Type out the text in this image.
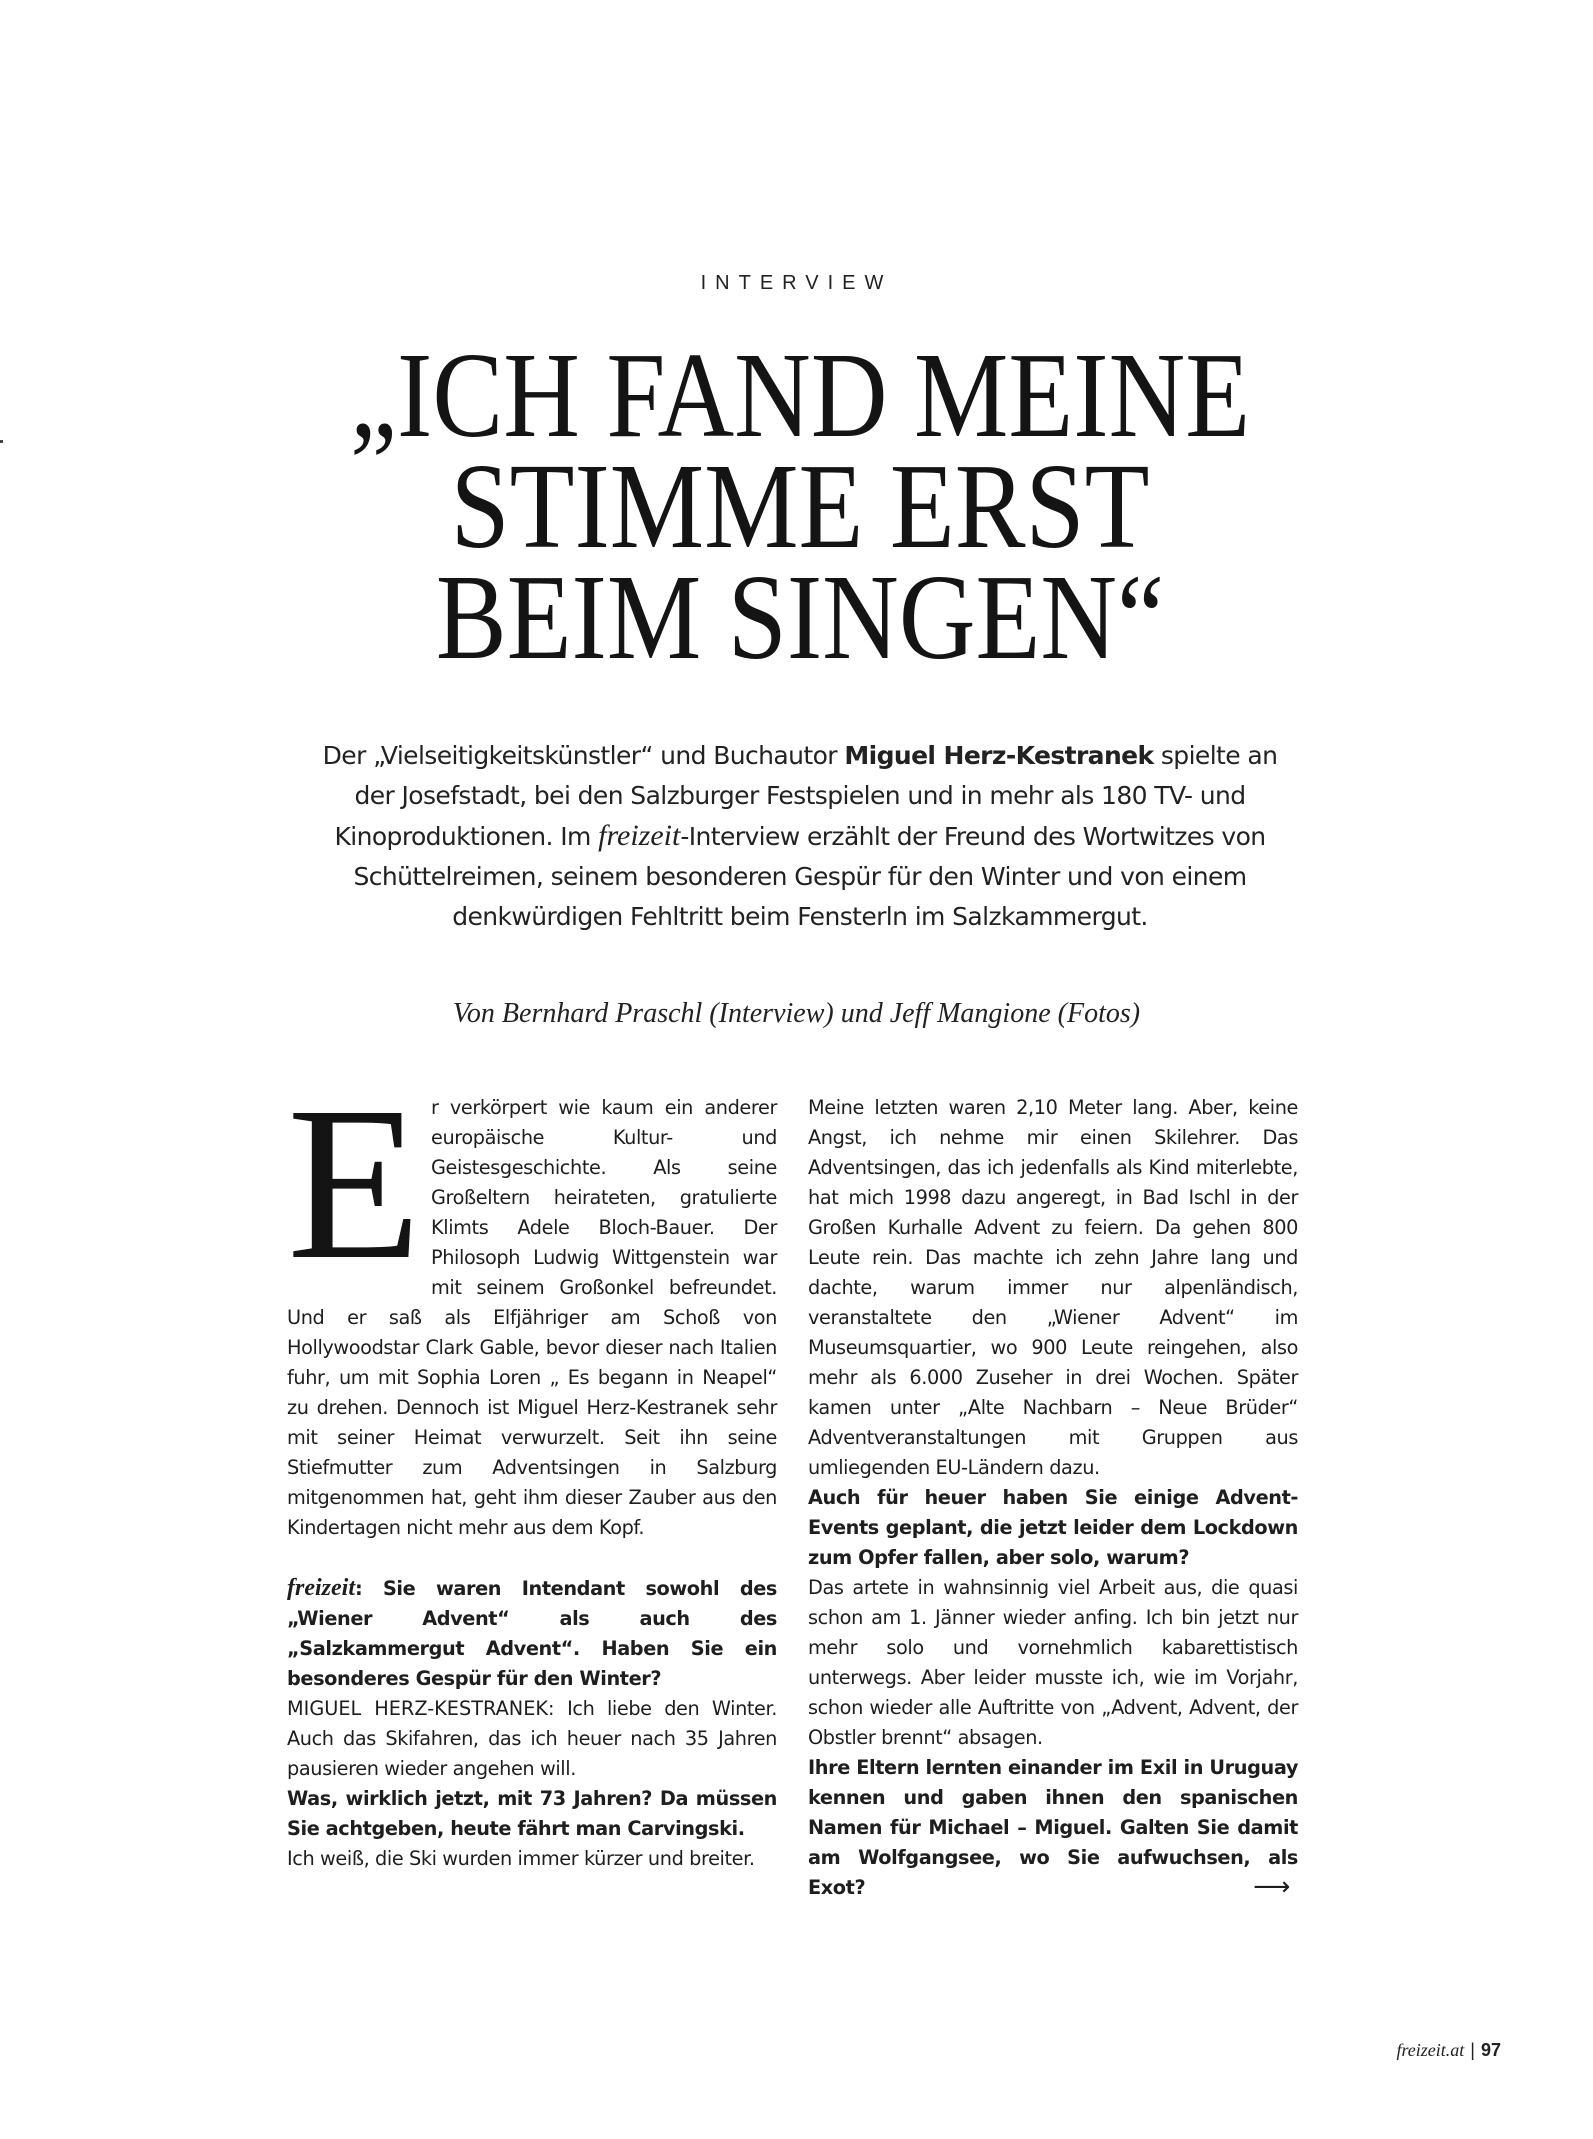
INTERVIEW
„ICH FAND MEINE
STIMME ERST
BEIM SINGEN“
Der „Vielseitigkeitskünstler“ und Buchautor Miguel Herz-Kestranek spielte an der Josefstadt, bei den Salzburger Festspielen und in mehr als 180 TV- und Kinoproduktionen. Im freizeit-Interview erzählt der Freund des Wortwitzes von Schüttelreimen, seinem besonderen Gespür für den Winter und von einem denkwürdigen Fehltritt beim Fensterln im Salzkammergut.
Von Bernhard Praschl (Interview) und Jeff Mangione (Fotos)

Er verkörpert wie kaum ein anderer europäische Kultur- und Geistesgeschichte. Als seine Großeltern heirateten, gratulierte Klimts Adele Bloch-Bauer. Der Philosoph Ludwig Wittgenstein war mit seinem Großonkel befreundet. Und er saß als Elfjähriger am Schoß von Hollywoodstar Clark Gable, bevor dieser nach Italien fuhr, um mit Sophia Loren „ Es begann in Neapel“ zu drehen. Dennoch ist Miguel Herz-Kestranek sehr mit seiner Heimat verwurzelt. Seit ihn seine Stiefmutter zum Adventsingen in Salzburg mitgenommen hat, geht ihm dieser Zauber aus den Kindertagen nicht mehr aus dem Kopf.

freizeit: Sie waren Intendant sowohl des „Wiener Advent“ als auch des „Salzkammergut Advent“. Haben Sie ein besonderes Gespür für den Winter?

MIGUEL HERZ-KESTRANEK: Ich liebe den Winter. Auch das Skifahren, das ich heuer nach 35 Jahren pausieren wieder angehen will.

Was, wirklich jetzt, mit 73 Jahren? Da müssen Sie achtgeben, heute fährt man Carvingski.

Ich weiß, die Ski wurden immer kürzer und breiter.

Meine letzten waren 2,10 Meter lang. Aber, keine Angst, ich nehme mir einen Skilehrer. Das Adventsingen, das ich jedenfalls als Kind miterlebte, hat mich 1998 dazu angeregt, in Bad Ischl in der Großen Kurhalle Advent zu feiern. Da gehen 800 Leute rein. Das machte ich zehn Jahre lang und dachte, warum immer nur alpenländisch, veranstaltete den „Wiener Advent“ im Museumsquartier, wo 900 Leute reingehen, also mehr als 6.000 Zuseher in drei Wochen. Später kamen unter „Alte Nachbarn – Neue Brüder“ Adventveranstaltungen mit Gruppen aus umliegenden EU-Ländern dazu.

Auch für heuer haben Sie einige Advent-Events geplant, die jetzt leider dem Lockdown zum Opfer fallen, aber solo, warum?

Das artete in wahnsinnig viel Arbeit aus, die quasi schon am 1. Jänner wieder anfing. Ich bin jetzt nur mehr solo und vornehmlich kabarettistisch unterwegs. Aber leider musste ich, wie im Vorjahr, schon wieder alle Auftritte von „Advent, Advent, der Obstler brennt“ absagen.

Ihre Eltern lernten einander im Exil in Uruguay kennen und gaben ihnen den spanischen Namen für Michael – Miguel. Galten Sie damit am Wolfgangsee, wo Sie aufwuchsen, als Exot?	⟶

freizeit.at | 97
